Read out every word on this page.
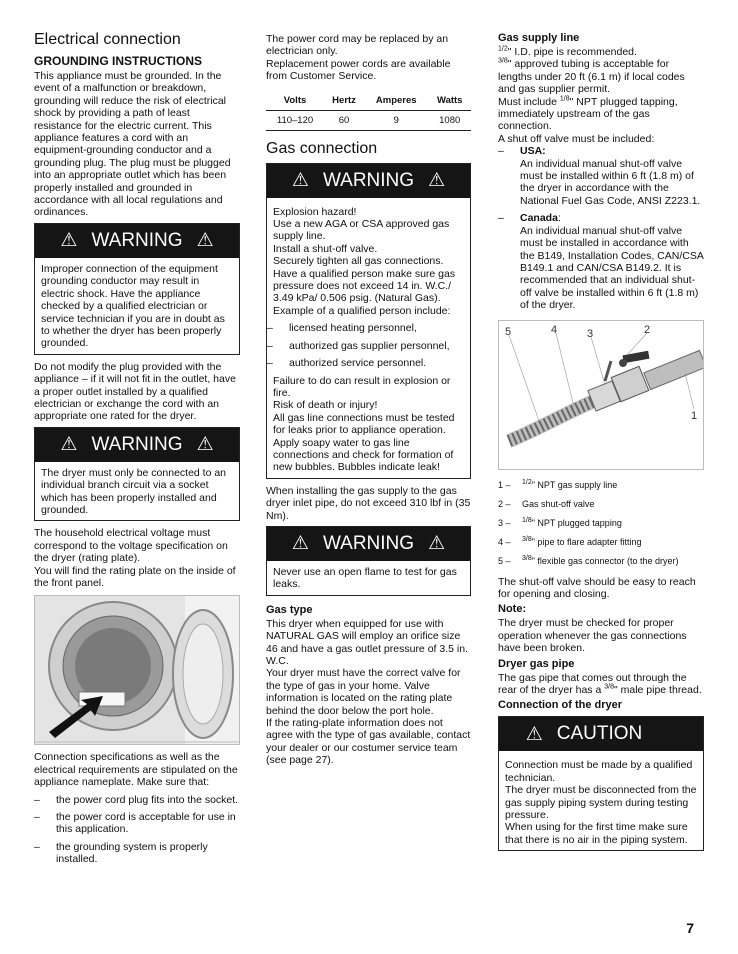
Electrical connection
GROUNDING INSTRUCTIONS

This appliance must be grounded. In the event of a malfunction or breakdown, grounding will reduce the risk of electrical shock by providing a path of least resistance for the electric current. This appliance features a cord with an equipment-grounding conductor and a grounding plug. The plug must be plugged into an appropriate outlet which has been properly installed and grounded in accordance with all local regulations and ordinances.

⚠ WARNING ⚠

Improper connection of the equipment grounding conductor may result in electric shock. Have the appliance checked by a qualified electrician or service technician if you are in doubt as to whether the dryer has been properly grounded.

Do not modify the plug provided with the appliance – if it will not fit in the outlet, have a proper outlet installed by a qualified electrician or exchange the cord with an appropriate one rated for the dryer.

⚠ WARNING ⚠

The dryer must only be connected to an individual branch circuit via a socket which has been properly installed and grounded.

The household electrical voltage must correspond to the voltage specification on the dryer (rating plate).

You will find the rating plate on the inside of the front panel.

Connection specifications as well as the electrical requirements are stipulated on the appliance nameplate. Make sure that:

–	the power cord plug fits into the socket.
–	the power cord is acceptable for use in this application.
–	the grounding system is properly installed.

The power cord may be replaced by an electrician only.

Replacement power cords are available from Customer Service.

Volts	Hertz	Amperes	Watts
110–120	60	9	1080
Gas connection
⚠ WARNING ⚠

Explosion hazard!

Use a new AGA or CSA approved gas supply line.

Install a shut-off valve.

Securely tighten all gas connections.

Have a qualified person make sure gas pressure does not exceed 14 in. W.C./ 3.49 kPa/ 0.506 psig. (Natural Gas).

Example of a qualified person include:

–	licensed heating personnel,
–	authorized gas supplier personnel,
–	authorized service personnel.

Failure to do can result in explosion or fire.

Risk of death or injury!

All gas line connections must be tested for leaks prior to appliance operation. Apply soapy water to gas line connections and check for formation of new bubbles. Bubbles indicate leak!

When installing the gas supply to the gas dryer inlet pipe, do not exceed 310 lbf in (35 Nm).

⚠ WARNING ⚠

Never use an open flame to test for gas leaks.

Gas type

This dryer when equipped for use with NATURAL GAS will employ an orifice size 46 and have a gas outlet pressure of 3.5 in. W.C.

Your dryer must have the correct valve for the type of gas in your home. Valve information is located on the rating plate behind the door below the port hole.

If the rating-plate information does not agree with the type of gas available, contact your dealer or our costumer service team (see page 27).

Gas supply line

$^{1/2}$" I.D. pipe is recommended.

$^{3/8}$" approved tubing is acceptable for lengths under 20 ft (6.1 m) if local codes and gas supplier permit.

Must include $^{1/8}$" NPT plugged tapping, immediately upstream of the gas connection.

A shut off valve must be included:

–	USA:
An individual manual shut-off valve must be installed within 6 ft (1.8 m) of the dryer in accordance with the National Fuel Gas Code, ANSI Z223.1.
–	Canada:
An individual manual shut-off valve must be installed in accordance with the B149, Installation Codes, CAN/CSA B149.1 and CAN/CSA B149.2. It is recommended that an individual shut-off valve be installed within 6 ft (1.8 m) of the dryer.
5	4	3	2
1
1 –	$^{1/2}$" NPT gas supply line
2 –	Gas shut-off valve
3 –	$^{1/8}$" NPT plugged tapping
4 –	$^{3/8}$" pipe to flare adapter fitting
5 –	$^{3/8}$" flexible gas connector (to the dryer)

The shut-off valve should be easy to reach for opening and closing.

Note:

The dryer must be checked for proper operation whenever the gas connections have been broken.

Dryer gas pipe

The gas pipe that comes out through the rear of the dryer has a $^{3/8}$" male pipe thread.

Connection of the dryer
⚠ CAUTION

Connection must be made by a qualified technician.

The dryer must be disconnected from the gas supply piping system during testing pressure.

When using for the first time make sure that there is no air in the piping system.

7
